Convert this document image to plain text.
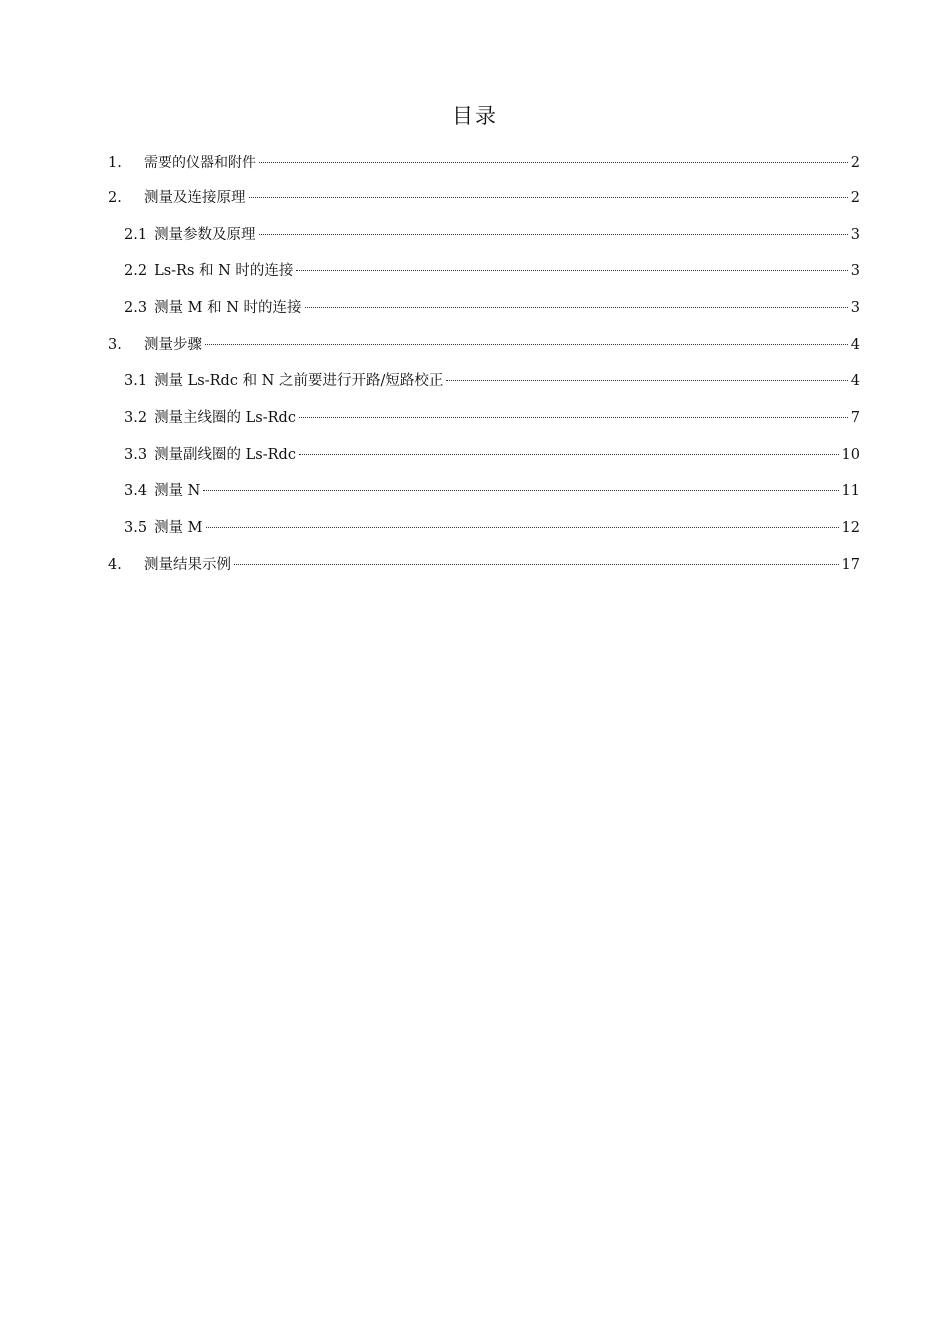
目录
1.	需要的仪器和附件	2
2.	测量及连接原理	2
2.1 测量参数及原理	3
2.2 Ls-Rs 和 N 时的连接	3
2.3 测量 M 和 N 时的连接	3
3.	测量步骤	4
3.1 测量 Ls-Rdc 和 N 之前要进行开路/短路校正	4
3.2 测量主线圈的 Ls-Rdc	7
3.3 测量副线圈的 Ls-Rdc	10
3.4 测量 N	11
3.5 测量 M	12
4.	测量结果示例	17
